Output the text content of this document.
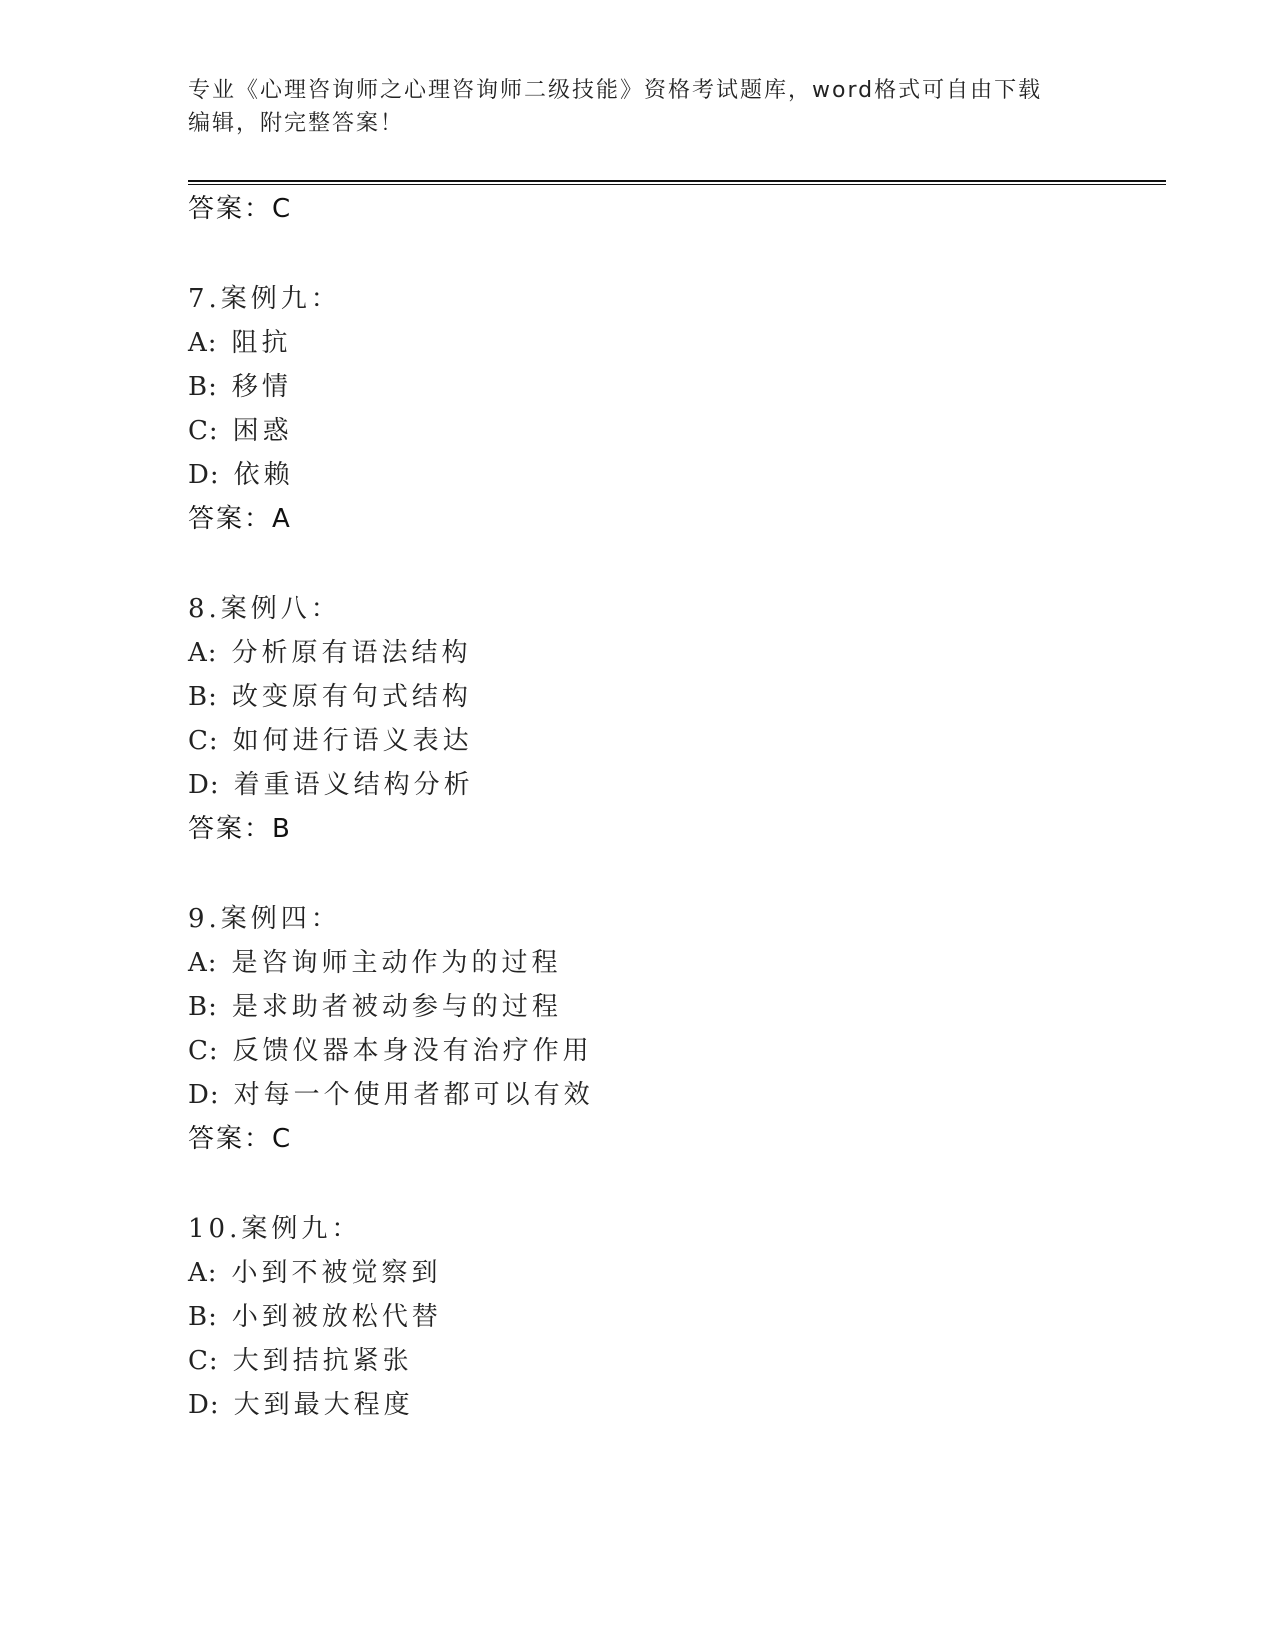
专业《心理咨询师之心理咨询师二级技能》资格考试题库，word格式可自由下载
编辑，附完整答案！

答案：C

7.案例九：

A: 阻抗

B: 移情

C: 困惑

D: 依赖

答案：A

8.案例八：

A: 分析原有语法结构

B: 改变原有句式结构

C: 如何进行语义表达

D: 着重语义结构分析

答案：B

9.案例四：

A: 是咨询师主动作为的过程

B: 是求助者被动参与的过程

C: 反馈仪器本身没有治疗作用

D: 对每一个使用者都可以有效

答案：C

10.案例九：

A: 小到不被觉察到

B: 小到被放松代替

C: 大到拮抗紧张

D: 大到最大程度
